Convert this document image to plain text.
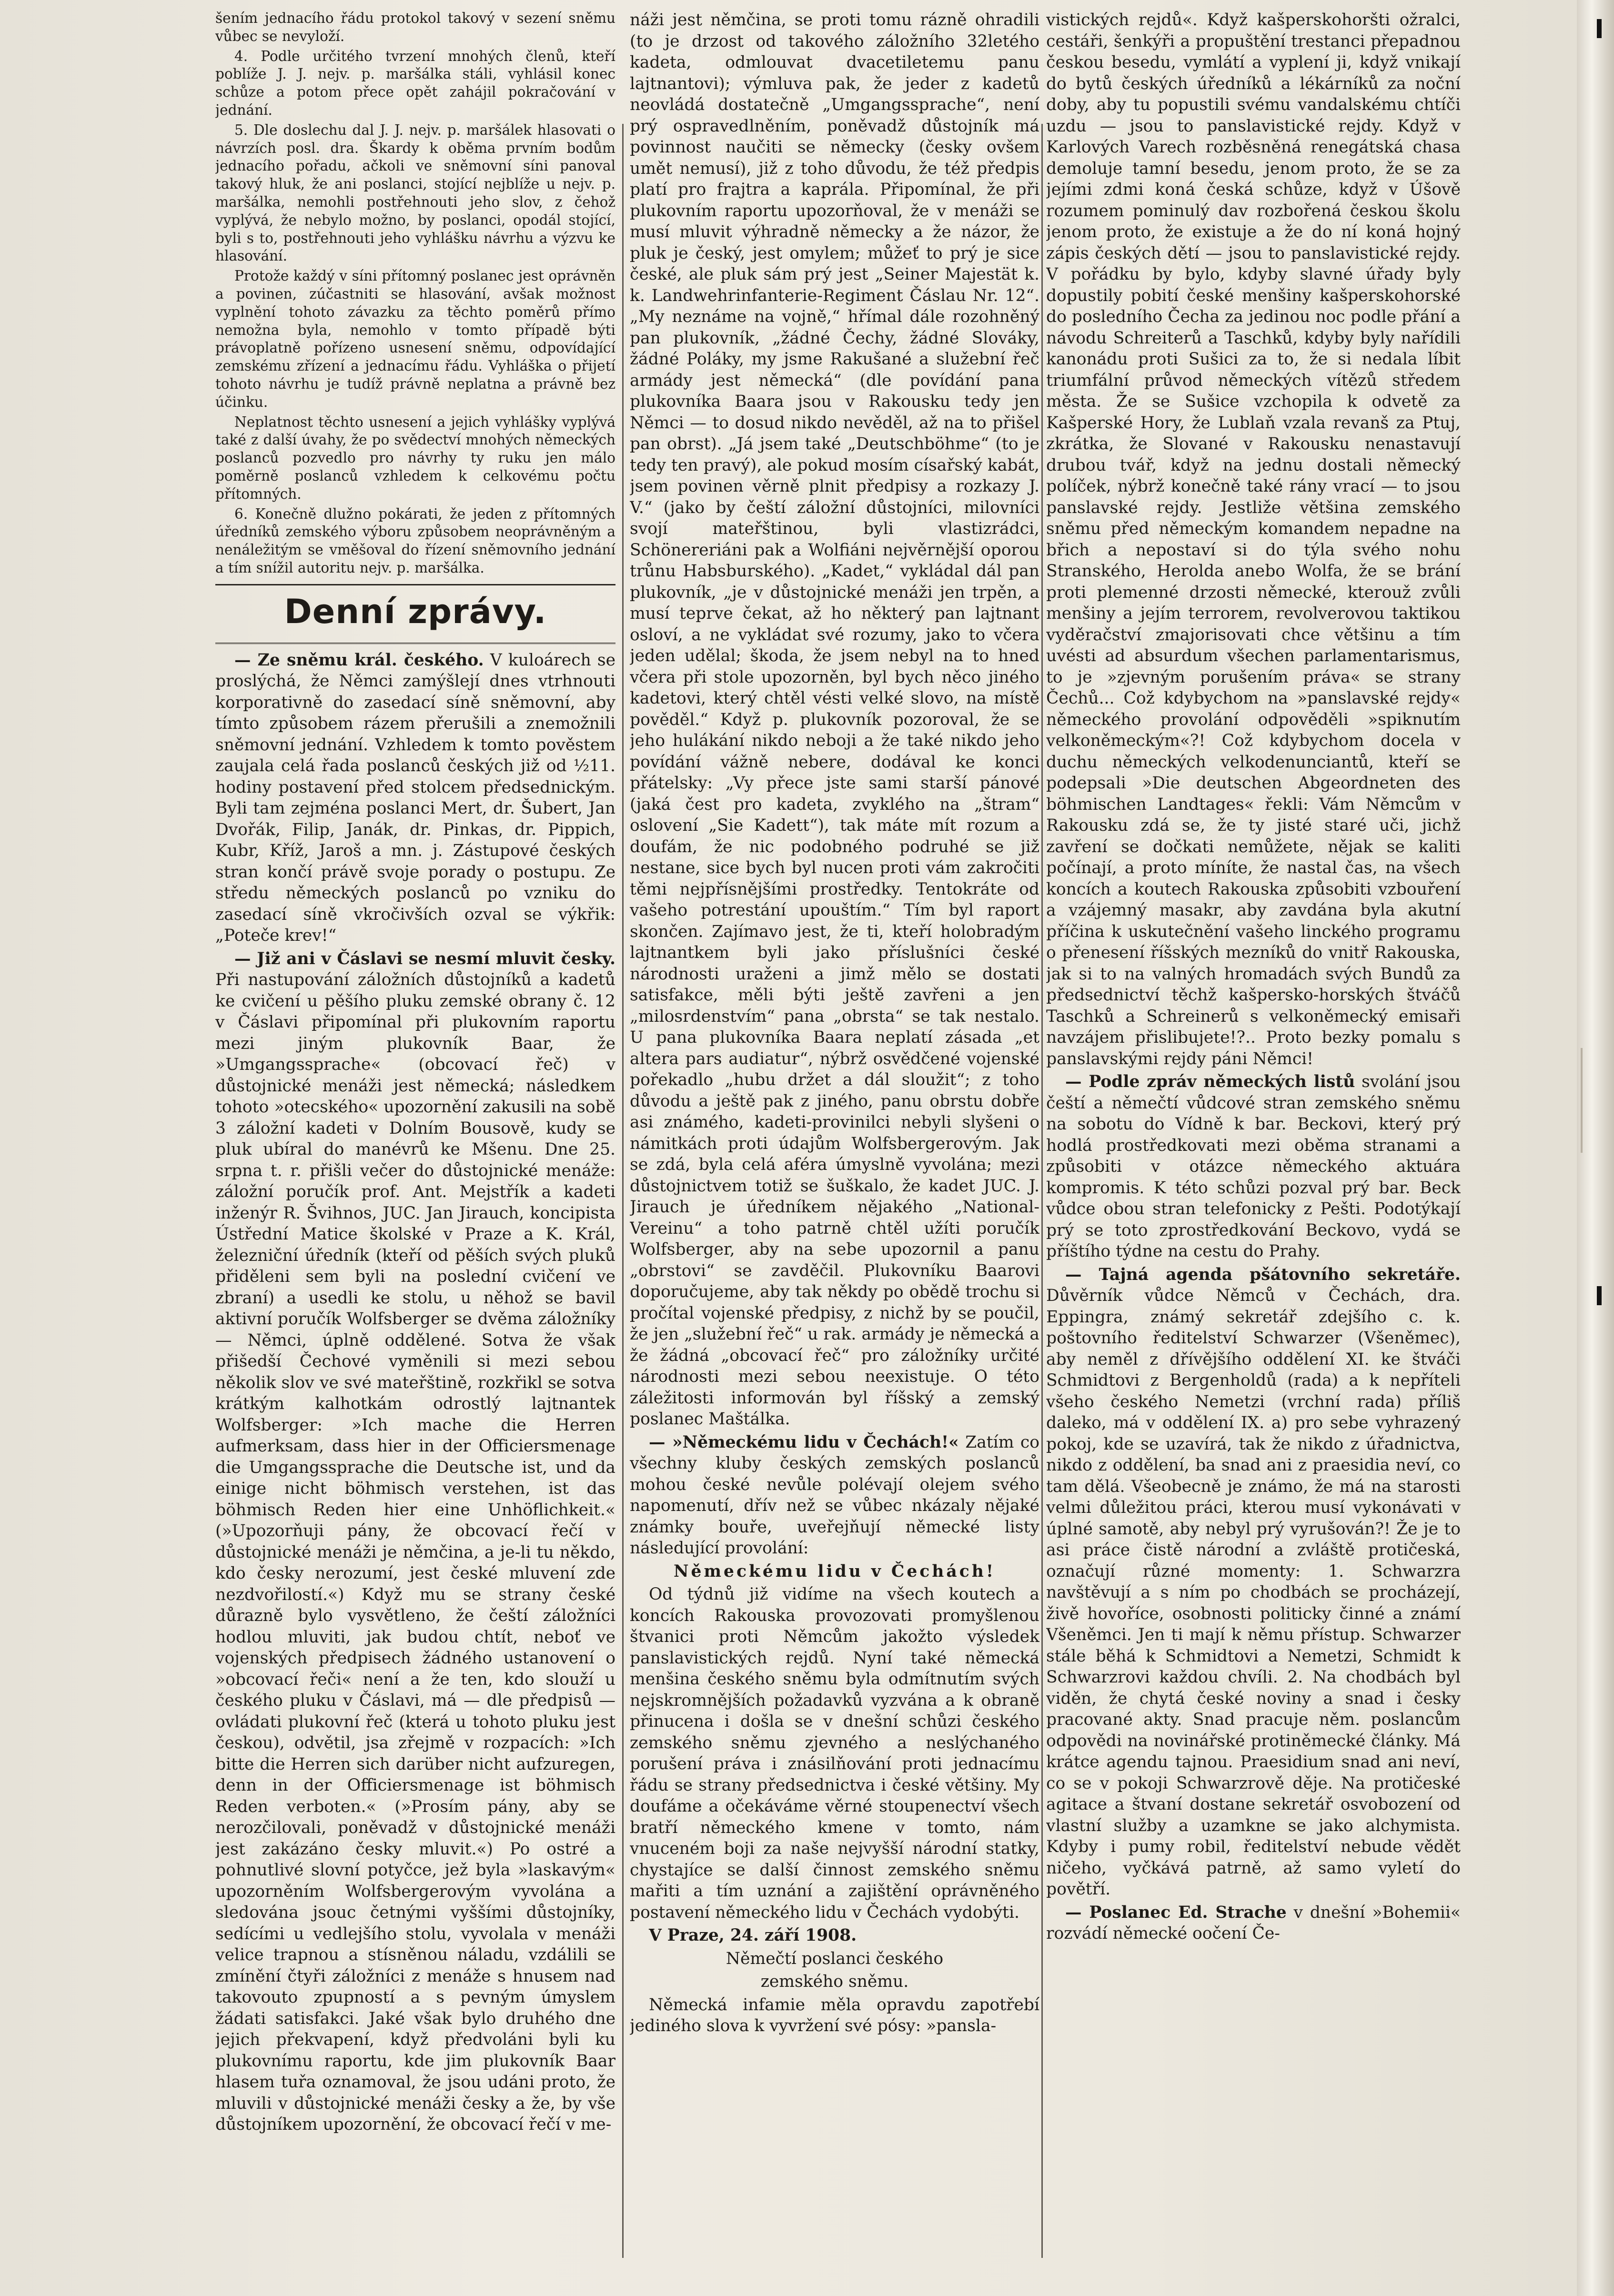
šením jednacího řádu protokol takový v sezení sněmu vůbec se nevyloží.

4. Podle určitého tvrzení mnohých členů, kteří poblíže J. J. nejv. p. maršálka stáli, vyhlásil konec schůze a potom přece opět zahájil pokračování v jednání.

5. Dle doslechu dal J. J. nejv. p. maršálek hlasovati o návrzích posl. dra. Škardy k oběma prvním bodům jednacího pořadu, ačkoli ve sněmovní síni panoval takový hluk, že ani poslanci, stojící nejblíže u nejv. p. maršálka, nemohli postřehnouti jeho slov, z čehož vyplývá, že nebylo možno, by poslanci, opodál stojící, byli s to, postřehnouti jeho vyhlášku návrhu a výzvu ke hlasování.

Protože každý v síni přítomný poslanec jest oprávněn a povinen, zúčastniti se hlasování, avšak možnost vyplnění tohoto závazku za těchto poměrů přímo nemožna byla, nemohlo v tomto případě býti právoplatně pořízeno usnesení sněmu, odpovídající zemskému zřízení a jednacímu řádu. Vyhláška o přijetí tohoto návrhu je tudíž právně neplatna a právně bez účinku.

Neplatnost těchto usnesení a jejich vyhlášky vyplývá také z další úvahy, že po svědectví mnohých německých poslanců pozvedlo pro návrhy ty ruku jen málo poměrně poslanců vzhledem k celkovému počtu přítomných.

6. Konečně dlužno pokárati, že jeden z přítomných úředníků zemského výboru způsobem neoprávněným a nenáležitým se vměšoval do řízení sněmovního jednání a tím snížil autoritu nejv. p. maršálka.

Denní zprávy.

— Ze sněmu král. českého. V kuloárech se proslýchá, že Němci zamýšlejí dnes vtrhnouti korporativně do zasedací síně sněmovní, aby tímto způsobem rázem přerušili a znemožnili sněmovní jednání. Vzhledem k tomto pověstem zaujala celá řada poslanců českých již od ½11. hodiny postavení před stolcem předsednickým. Byli tam zejména poslanci Mert, dr. Šubert, Jan Dvořák, Filip, Janák, dr. Pinkas, dr. Pippich, Kubr, Kříž, Jaroš a mn. j. Zástupové českých stran končí právě svoje porady o postupu. Ze středu německých poslanců po vzniku do zasedací síně vkročivších ozval se výkřik: „Poteče krev!“

— Již ani v Čáslavi se nesmí mluvit česky. Při nastupování záložních důstojníků a kadetů ke cvičení u pěšího pluku zemské obrany č. 12 v Čáslavi připomínal při plukovním raportu mezi jiným plukovník Baar, že »Umgangssprache« (obcovací řeč) v důstojnické menáži jest německá; následkem tohoto »otecského« upozornění zakusili na sobě 3 záložní kadeti v Dolním Bousově, kudy se pluk ubíral do manévrů ke Mšenu. Dne 25. srpna t. r. přišli večer do důstojnické menáže: záložní poručík prof. Ant. Mejstřík a kadeti inženýr R. Švihnos, JUC. Jan Jirauch, koncipista Ústřední Matice školské v Praze a K. Král, železniční úředník (kteří od pěších svých pluků přiděleni sem byli na poslední cvičení ve zbraní) a usedli ke stolu, u něhož se bavil aktivní poručík Wolfsberger se dvěma záložníky — Němci, úplně oddělené. Sotva že však přišedší Čechové vyměnili si mezi sebou několik slov ve své mateřštině, rozkřikl se sotva krátkým kalhotkám odrostlý lajtnantek Wolfsberger: »Ich mache die Herren aufmerksam, dass hier in der Officiersmenage die Umgangssprache die Deutsche ist, und da einige nicht böhmisch verstehen, ist das böhmisch Reden hier eine Unhöflichkeit.« (»Upozorňuji pány, že obcovací řečí v důstojnické menáži je němčina, a je-li tu někdo, kdo česky nerozumí, jest české mluvení zde nezdvořilostí.«) Když mu se strany české důrazně bylo vysvětleno, že čeští záložníci hodlou mluviti, jak budou chtít, neboť ve vojenských předpisech žádného ustanovení o »obcovací řeči« není a že ten, kdo slouží u českého pluku v Čáslavi, má — dle předpisů — ovládati plukovní řeč (která u tohoto pluku jest českou), odvětil, jsa zřejmě v rozpacích: »Ich bitte die Herren sich darüber nicht aufzuregen, denn in der Officiersmenage ist böhmisch Reden verboten.« (»Prosím pány, aby se nerozčilovali, poněvadž v důstojnické menáži jest zakázáno česky mluvit.«) Po ostré a pohnutlivé slovní potyčce, jež byla »laskavým« upozorněním Wolfsbergerovým vyvolána a sledována jsouc četnými vyššími důstojníky, sedícími u vedlejšího stolu, vyvolala v menáži velice trapnou a stísněnou náladu, vzdálili se zmínění čtyři záložníci z menáže s hnusem nad takovouto zpupností a s pevným úmyslem žádati satisfakci. Jaké však bylo druhého dne jejich překvapení, když předvoláni byli ku plukovnímu raportu, kde jim plukovník Baar hlasem tuřa oznamoval, že jsou udáni proto, že mluvili v důstojnické menáži česky a že, by vše důstojníkem upozornění, že obcovací řečí v me-

náži jest němčina, se proti tomu rázně ohradili (to je drzost od takového záložního 32letého kadeta, odmlouvat dvacetiletemu panu lajtnantovi); výmluva pak, že jeder z kadetů neovládá dostatečně „Umgangssprache“, není prý ospravedlněním, poněvadž důstojník má povinnost naučiti se německy (česky ovšem umět nemusí), již z toho důvodu, že též předpis platí pro frajtra a kaprála. Připomínal, že při plukovním raportu upozorňoval, že v menáži se musí mluvit výhradně německy a že názor, že pluk je český, jest omylem; můžeť to prý je sice české, ale pluk sám prý jest „Seiner Majestät k. k. Landwehrinfanterie-Regiment Čáslau Nr. 12“. „My neznáme na vojně,“ hřímal dále rozohněný pan plukovník, „žádné Čechy, žádné Slováky, žádné Poláky, my jsme Rakušané a služební řeč armády jest německá“ (dle povídání pana plukovníka Baara jsou v Rakousku tedy jen Němci — to dosud nikdo nevěděl, až na to přišel pan obrst). „Já jsem také „Deutschböhme“ (to je tedy ten pravý), ale pokud mosím císařský kabát, jsem povinen věrně plnit předpisy a rozkazy J. V.“ (jako by čeští záložní důstojníci, milovníci svojí mateřštinou, byli vlastizrádci, Schönereriáni pak a Wolfiáni nejvěrnější oporou trůnu Habsburského). „Kadet,“ vykládal dál pan plukovník, „je v důstojnické menáži jen trpěn, a musí teprve čekat, až ho některý pan lajtnant osloví, a ne vykládat své rozumy, jako to včera jeden udělal; škoda, že jsem nebyl na to hned včera při stole upozorněn, byl bych něco jiného kadetovi, který chtěl vésti velké slovo, na místě pověděl.“ Když p. plukovník pozoroval, že se jeho hulákání nikdo neboji a že také nikdo jeho povídání vážně nebere, dodával ke konci přátelsky: „Vy přece jste sami starší pánové (jaká čest pro kadeta, zvyklého na „štram“ oslovení „Sie Kadett“), tak máte mít rozum a doufám, že nic podobného podruhé se již nestane, sice bych byl nucen proti vám zakročiti těmi nejpřísnějšími prostředky. Tentokráte od vašeho potrestání upouštím.“ Tím byl raport skončen. Zajímavo jest, že ti, kteří holobradým lajtnantkem byli jako příslušníci české národnosti uraženi a jimž mělo se dostati satisfakce, měli býti ještě zavřeni a jen „milosrdenstvím“ pana „obrsta“ se tak nestalo. U pana plukovníka Baara neplatí zásada „et altera pars audiatur“, nýbrž osvědčené vojenské pořekadlo „hubu držet a dál sloužit“; z toho důvodu a ještě pak z jiného, panu obrstu dobře asi známého, kadeti-provinilci nebyli slyšeni o námitkách proti údajům Wolfsbergerovým. Jak se zdá, byla celá aféra úmyslně vyvolána; mezi důstojnictvem totiž se šuškalo, že kadet JUC. J. Jirauch je úředníkem nějakého „National-Vereinu“ a toho patrně chtěl užíti poručík Wolfsberger, aby na sebe upozornil a panu „obrstovi“ se zavděčil. Plukovníku Baarovi doporučujeme, aby tak někdy po obědě trochu si pročítal vojenské předpisy, z nichž by se poučil, že jen „služební řeč“ u rak. armády je německá a že žádná „obcovací řeč“ pro záložníky určité národnosti mezi sebou neexistuje. O této záležitosti informován byl říšský a zemský poslanec Maštálka.

— »Německému lidu v Čechách!« Zatím co všechny kluby českých zemských poslanců mohou české nevůle polévají olejem svého napomenutí, dřív než se vůbec nkázaly nějaké známky bouře, uveřejňují německé listy následující provolání:

Německému lidu v Čechách!

Od týdnů již vidíme na všech koutech a koncích Rakouska provozovati promyšlenou štvanici proti Němcům jakožto výsledek panslavistických rejdů. Nyní také německá menšina českého sněmu byla odmítnutím svých nejskromnějších požadavků vyzvána a k obraně přinucena i došla se v dnešní schůzi českého zemského sněmu zjevného a neslýchaného porušení práva i znásilňování proti jednacímu řádu se strany předsednictva i české většiny. My doufáme a očekáváme věrné stoupenectví všech bratří německého kmene v tomto, nám vnuceném boji za naše nejvyšší národní statky, chystajíce se další činnost zemského sněmu mařiti a tím uznání a zajištění oprávněného postavení německého lidu v Čechách vydobýti.

V Praze, 24. září 1908.

Němečtí poslanci českého

zemského sněmu.

Německá infamie měla opravdu zapotřebí jediného slova k vyvržení své pósy: »pansla-

vistických rejdů«. Když kašperskohoršti ožralci, cestáři, šenkýři a propuštění trestanci přepadnou českou besedu, vymlátí a vyplení ji, když vnikají do bytů českých úředníků a lékárníků za noční doby, aby tu popustili svému vandalskému chtíči uzdu — jsou to panslavistické rejdy. Když v Karlových Varech rozběsněná renegátská chasa demoluje tamní besedu, jenom proto, že se za jejími zdmi koná česká schůze, když v Úšově rozumem pominulý dav rozbořená českou školu jenom proto, že existuje a že do ní koná hojný zápis českých dětí — jsou to panslavistické rejdy. V pořádku by bylo, kdyby slavné úřady byly dopustily pobití české menšiny kašperskohorské do posledního Čecha za jedinou noc podle přání a návodu Schreiterů a Taschků, kdyby byly nařídili kanonádu proti Sušici za to, že si nedala líbit triumfální průvod německých vítězů středem města. Že se Sušice vzchopila k odvetě za Kašperské Hory, že Lublaň vzala revanš za Ptuj, zkrátka, že Slované v Rakousku nenastavují drubou tvář, když na jednu dostali německý políček, nýbrž konečně také rány vrací — to jsou panslavské rejdy. Jestliže většina zemského sněmu před německým komandem nepadne na břich a nepostaví si do týla svého nohu Stranského, Herolda anebo Wolfa, že se brání proti plemenné drzosti německé, kterouž zvůli menšiny a jejím terrorem, revolverovou taktikou vyděračství zmajorisovati chce většinu a tím uvésti ad absurdum všechen parlamentarismus, to je »zjevným porušením práva« se strany Čechů... Což kdybychom na »panslavské rejdy« německého provolání odpověděli »spiknutím velkoněmeckým«?! Což kdybychom docela v duchu německých velkodenunciantů, kteří se podepsali »Die deutschen Abgeordneten des böhmischen Landtages« řekli: Vám Němcům v Rakousku zdá se, že ty jisté staré uči, jichž zavření se dočkati nemůžete, nějak se kaliti počínají, a proto míníte, že nastal čas, na všech koncích a koutech Rakouska způsobiti vzbouření a vzájemný masakr, aby zavdána byla akutní příčina k uskutečnění vašeho linckého programu o přenesení říšských mezníků do vnitř Rakouska, jak si to na valných hromadách svých Bundů za předsednictví těchž kašpersko-horských štváčů Taschků a Schreinerů s velkoněmecký emisaři navzájem přislibujete!?.. Proto bezky pomalu s panslavskými rejdy páni Němci!

— Podle zpráv německých listů svolání jsou čeští a němečtí vůdcové stran zemského sněmu na sobotu do Vídně k bar. Beckovi, který prý hodlá prostředkovati mezi oběma stranami a způsobiti v otázce německého aktuára kompromis. K této schůzi pozval prý bar. Beck vůdce obou stran telefonicky z Pešti. Podotýkají prý se toto zprostředkování Beckovo, vydá se příštího týdne na cestu do Prahy.

— Tajná agenda pšátovního sekretáře. Důvěrník vůdce Němců v Čechách, dra. Eppingra, známý sekretář zdejšího c. k. poštovního ředitelství Schwarzer (Všeněmec), aby neměl z dřívějšího oddělení XI. ke štváči Schmidtovi z Bergenholdů (rada) a k nepříteli všeho českého Nemetzi (vrchní rada) příliš daleko, má v oddělení IX. a) pro sebe vyhrazený pokoj, kde se uzavírá, tak že nikdo z úřadnictva, nikdo z oddělení, ba snad ani z praesidia neví, co tam dělá. Všeobecně je známo, že má na starosti velmi důležitou práci, kterou musí vykonávati v úplné samotě, aby nebyl prý vyrušován?! Že je to asi práce čistě národní a zvláště protičeská, označují různé momenty: 1. Schwarzra navštěvují a s ním po chodbách se procházejí, živě hovoříce, osobnosti politicky činné a známí Všeněmci. Jen ti mají k němu přístup. Schwarzer stále běhá k Schmidtovi a Nemetzi, Schmidt k Schwarzrovi každou chvíli. 2. Na chodbách byl viděn, že chytá české noviny a snad i česky pracované akty. Snad pracuje něm. poslancům odpovědi na novinářské protiněmecké články. Má krátce agendu tajnou. Praesidium snad ani neví, co se v pokoji Schwarzrově děje. Na protičeské agitace a štvaní dostane sekretář osvobození od vlastní služby a uzamkne se jako alchymista. Kdyby i pumy robil, ředitelství nebude vědět ničeho, vyčkává patrně, až samo vyletí do povětří.

— Poslanec Ed. Strache v dnešní »Bohemii« rozvádí německé oočení Če-
